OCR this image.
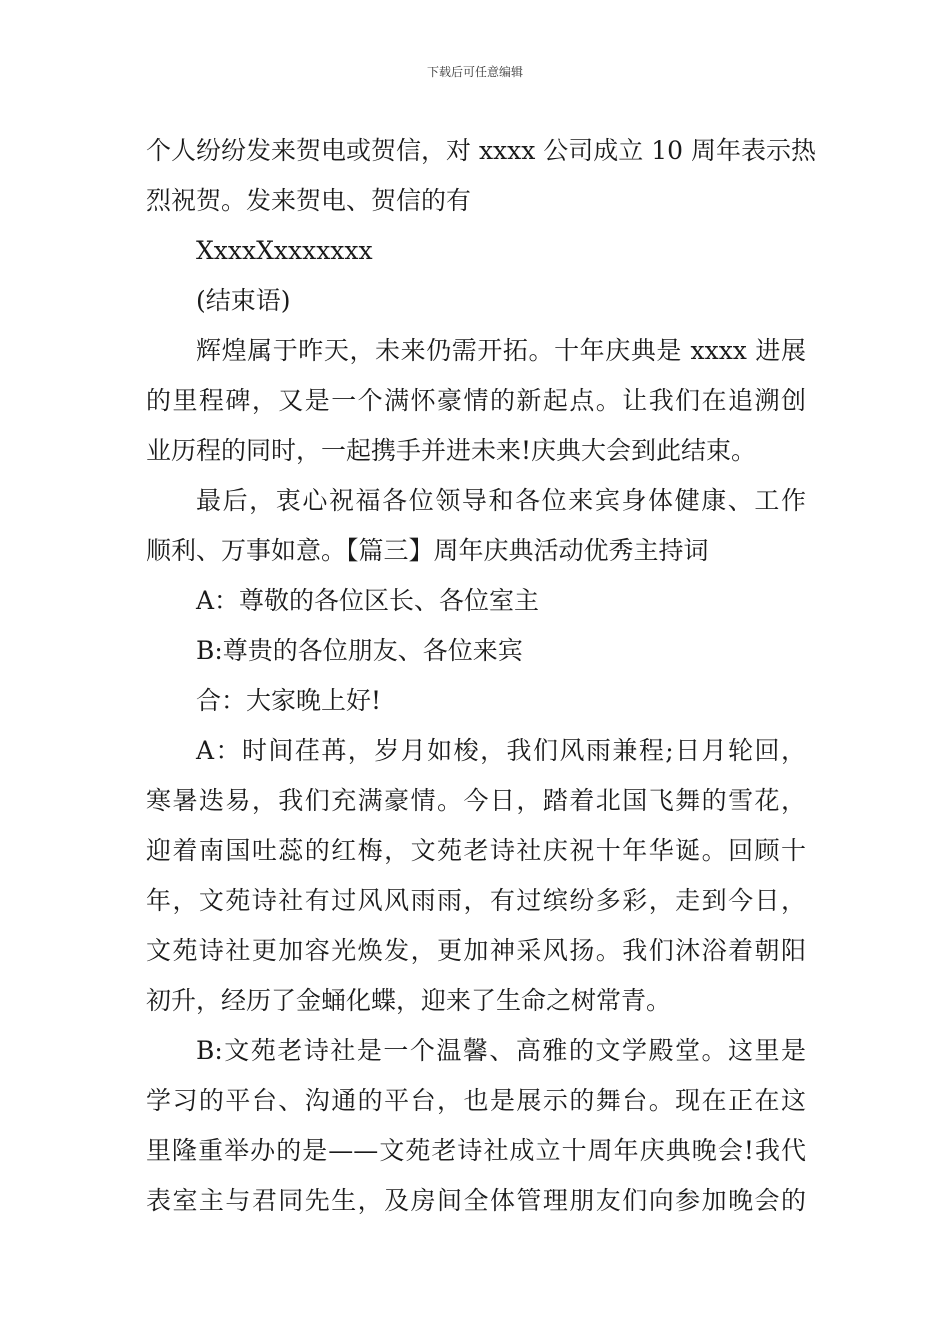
下载后可任意编辑

个人纷纷发来贺电或贺信，对 xxxx 公司成立 10 周年表示热
烈祝贺。发来贺电、贺信的有

XxxxXxxxxxxx

(结束语)

辉煌属于昨天，未来仍需开拓。十年庆典是 xxxx 进展
的里程碑，又是一个满怀豪情的新起点。让我们在追溯创
业历程的同时，一起携手并进未来!庆典大会到此结束。

最后，衷心祝福各位领导和各位来宾身体健康、工作
顺利、万事如意。【篇三】周年庆典活动优秀主持词

A：尊敬的各位区长、各位室主

B:尊贵的各位朋友、各位来宾

合：大家晚上好!

A：时间荏苒，岁月如梭，我们风雨兼程;日月轮回，
寒暑迭易，我们充满豪情。今日，踏着北国飞舞的雪花，
迎着南国吐蕊的红梅，文苑老诗社庆祝十年华诞。回顾十
年，文苑诗社有过风风雨雨，有过缤纷多彩，走到今日，
文苑诗社更加容光焕发，更加神采风扬。我们沐浴着朝阳
初升，经历了金蛹化蝶，迎来了生命之树常青。

B:文苑老诗社是一个温馨、高雅的文学殿堂。这里是
学习的平台、沟通的平台，也是展示的舞台。现在正在这
里隆重举办的是——文苑老诗社成立十周年庆典晚会!我代
表室主与君同先生，及房间全体管理朋友们向参加晚会的
